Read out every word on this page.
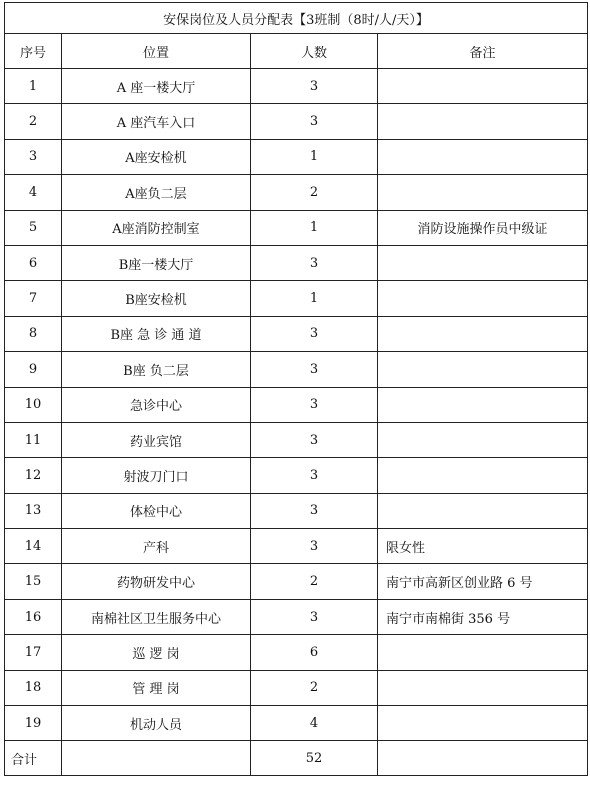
安保岗位及人员分配表【3班制（8时/人/天）】			
序号	位置	人数	备注
1	A 座一楼大厅	3	
2	A 座汽车入口	3	
3	A座安检机	1	
4	A座负二层	2	
5	A座消防控制室	1	消防设施操作员中级证
6	B座一楼大厅	3	
7	B座安检机	1	
8	B座 急 诊 通 道	3	
9	B座 负二层	3	
10	急诊中心	3	
11	药业宾馆	3	
12	射波刀门口	3	
13	体检中心	3	
14	产科	3	限女性
15	药物研发中心	2	南宁市高新区创业路 6 号
16	南棉社区卫生服务中心	3	南宁市南棉街 356 号
17	巡 逻 岗	6	
18	管 理 岗	2	
19	机动人员	4	
合计		52	
